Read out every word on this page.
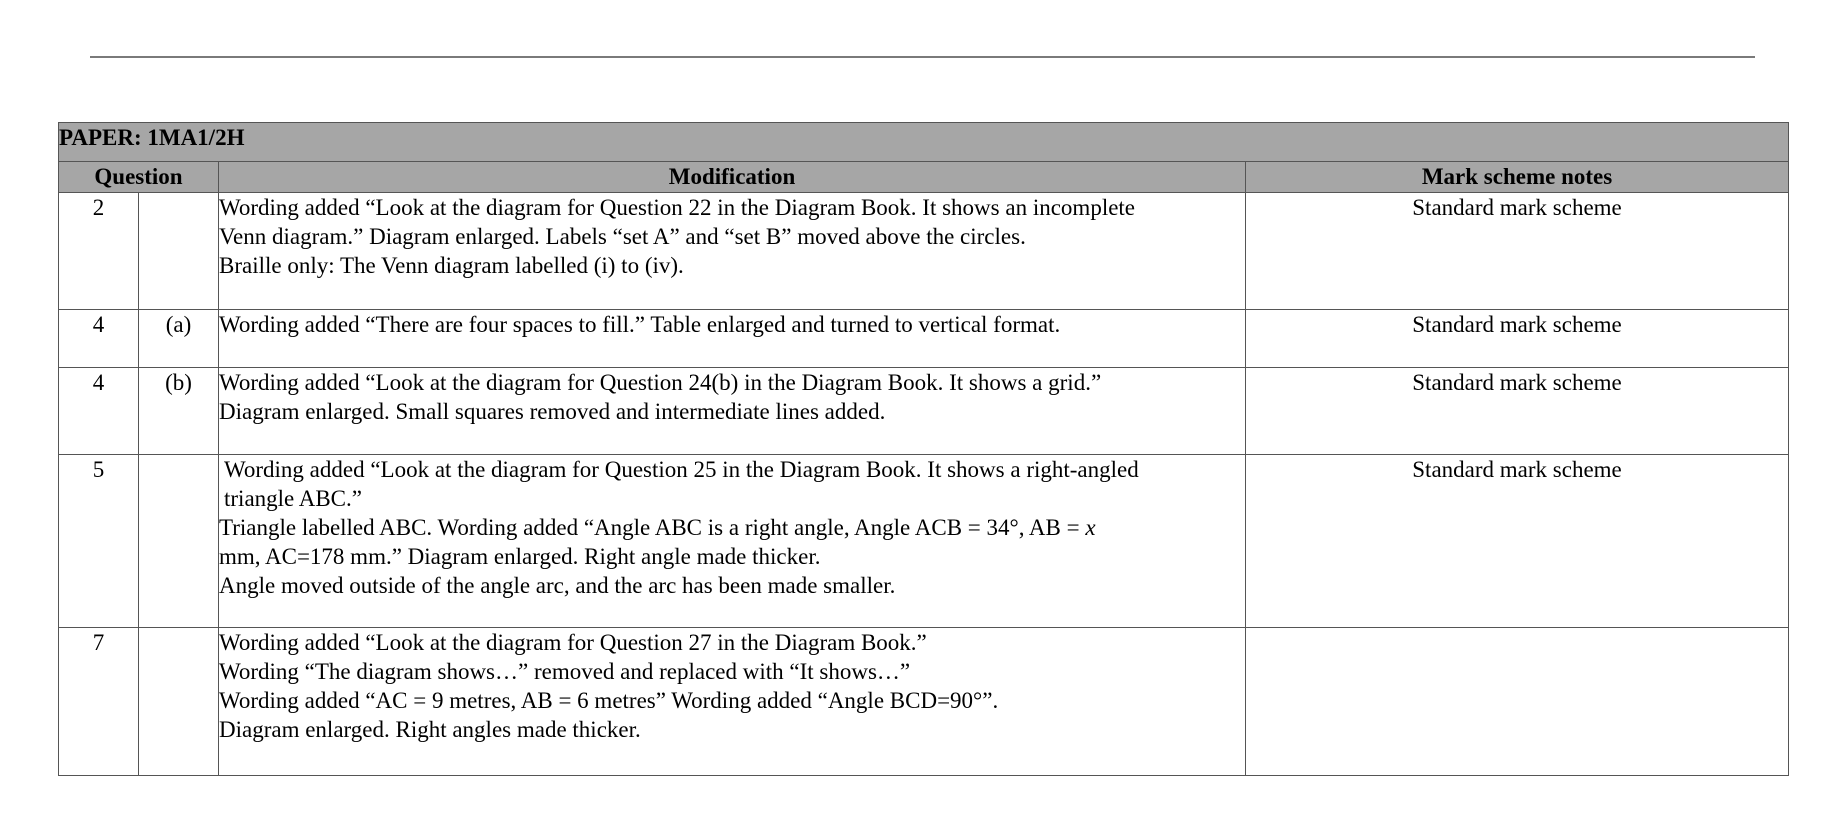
PAPER: 1MA1/2H			
Question		Modification	Mark scheme notes
2		Wording added “Look at the diagram for Question 22 in the Diagram Book. It shows an incomplete
Venn diagram.” Diagram enlarged. Labels “set A” and “set B” moved above the circles.
Braille only: The Venn diagram labelled (i) to (iv).	Standard mark scheme
4	(a)	Wording added “There are four spaces to fill.” Table enlarged and turned to vertical format.	Standard mark scheme
4	(b)	Wording added “Look at the diagram for Question 24(b) in the Diagram Book. It shows a grid.”
Diagram enlarged. Small squares removed and intermediate lines added.	Standard mark scheme
5		Wording added “Look at the diagram for Question 25 in the Diagram Book. It shows a right-angled
triangle ABC.”
Triangle labelled ABC. Wording added “Angle ABC is a right angle, Angle ACB = 34°, AB = x
mm, AC=178 mm.” Diagram enlarged. Right angle made thicker.
Angle moved outside of the angle arc, and the arc has been made smaller.	Standard mark scheme
7		Wording added “Look at the diagram for Question 27 in the Diagram Book.”
Wording “The diagram shows…” removed and replaced with “It shows…”
Wording added “AC = 9 metres, AB = 6 metres” Wording added “Angle BCD=90°”.
Diagram enlarged. Right angles made thicker.	
